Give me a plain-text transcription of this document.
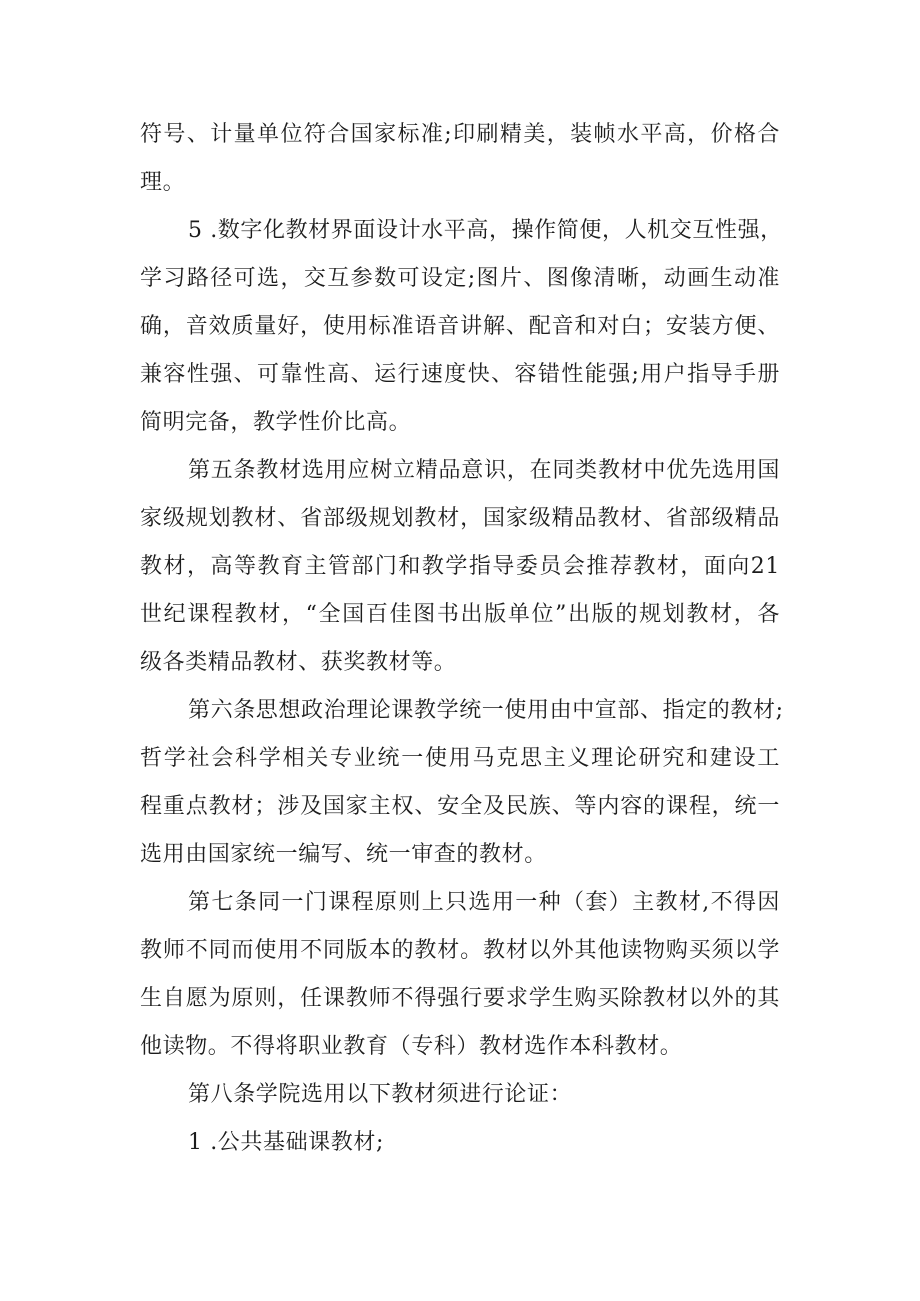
符号、计量单位符合国家标准;印刷精美，装帧水平高，价格合
理。
5 .数字化教材界面设计水平高，操作简便，人机交互性强，
学习路径可选，交互参数可设定;图片、图像清晰，动画生动准
确，音效质量好，使用标准语音讲解、配音和对白；安装方便、
兼容性强、可靠性高、运行速度快、容错性能强;用户指导手册
简明完备，教学性价比高。
第五条教材选用应树立精品意识，在同类教材中优先选用国
家级规划教材、省部级规划教材，国家级精品教材、省部级精品
教材，高等教育主管部门和教学指导委员会推荐教材，面向21
世纪课程教材，“全国百佳图书出版单位”出版的规划教材，各
级各类精品教材、获奖教材等。
第六条思想政治理论课教学统一使用由中宣部、指定的教材;
哲学社会科学相关专业统一使用马克思主义理论研究和建设工
程重点教材；涉及国家主权、安全及民族、等内容的课程，统一
选用由国家统一编写、统一审查的教材。
第七条同一门课程原则上只选用一种（套）主教材,不得因
教师不同而使用不同版本的教材。教材以外其他读物购买须以学
生自愿为原则，任课教师不得强行要求学生购买除教材以外的其
他读物。不得将职业教育（专科）教材选作本科教材。
第八条学院选用以下教材须进行论证：
1 .公共基础课教材;
